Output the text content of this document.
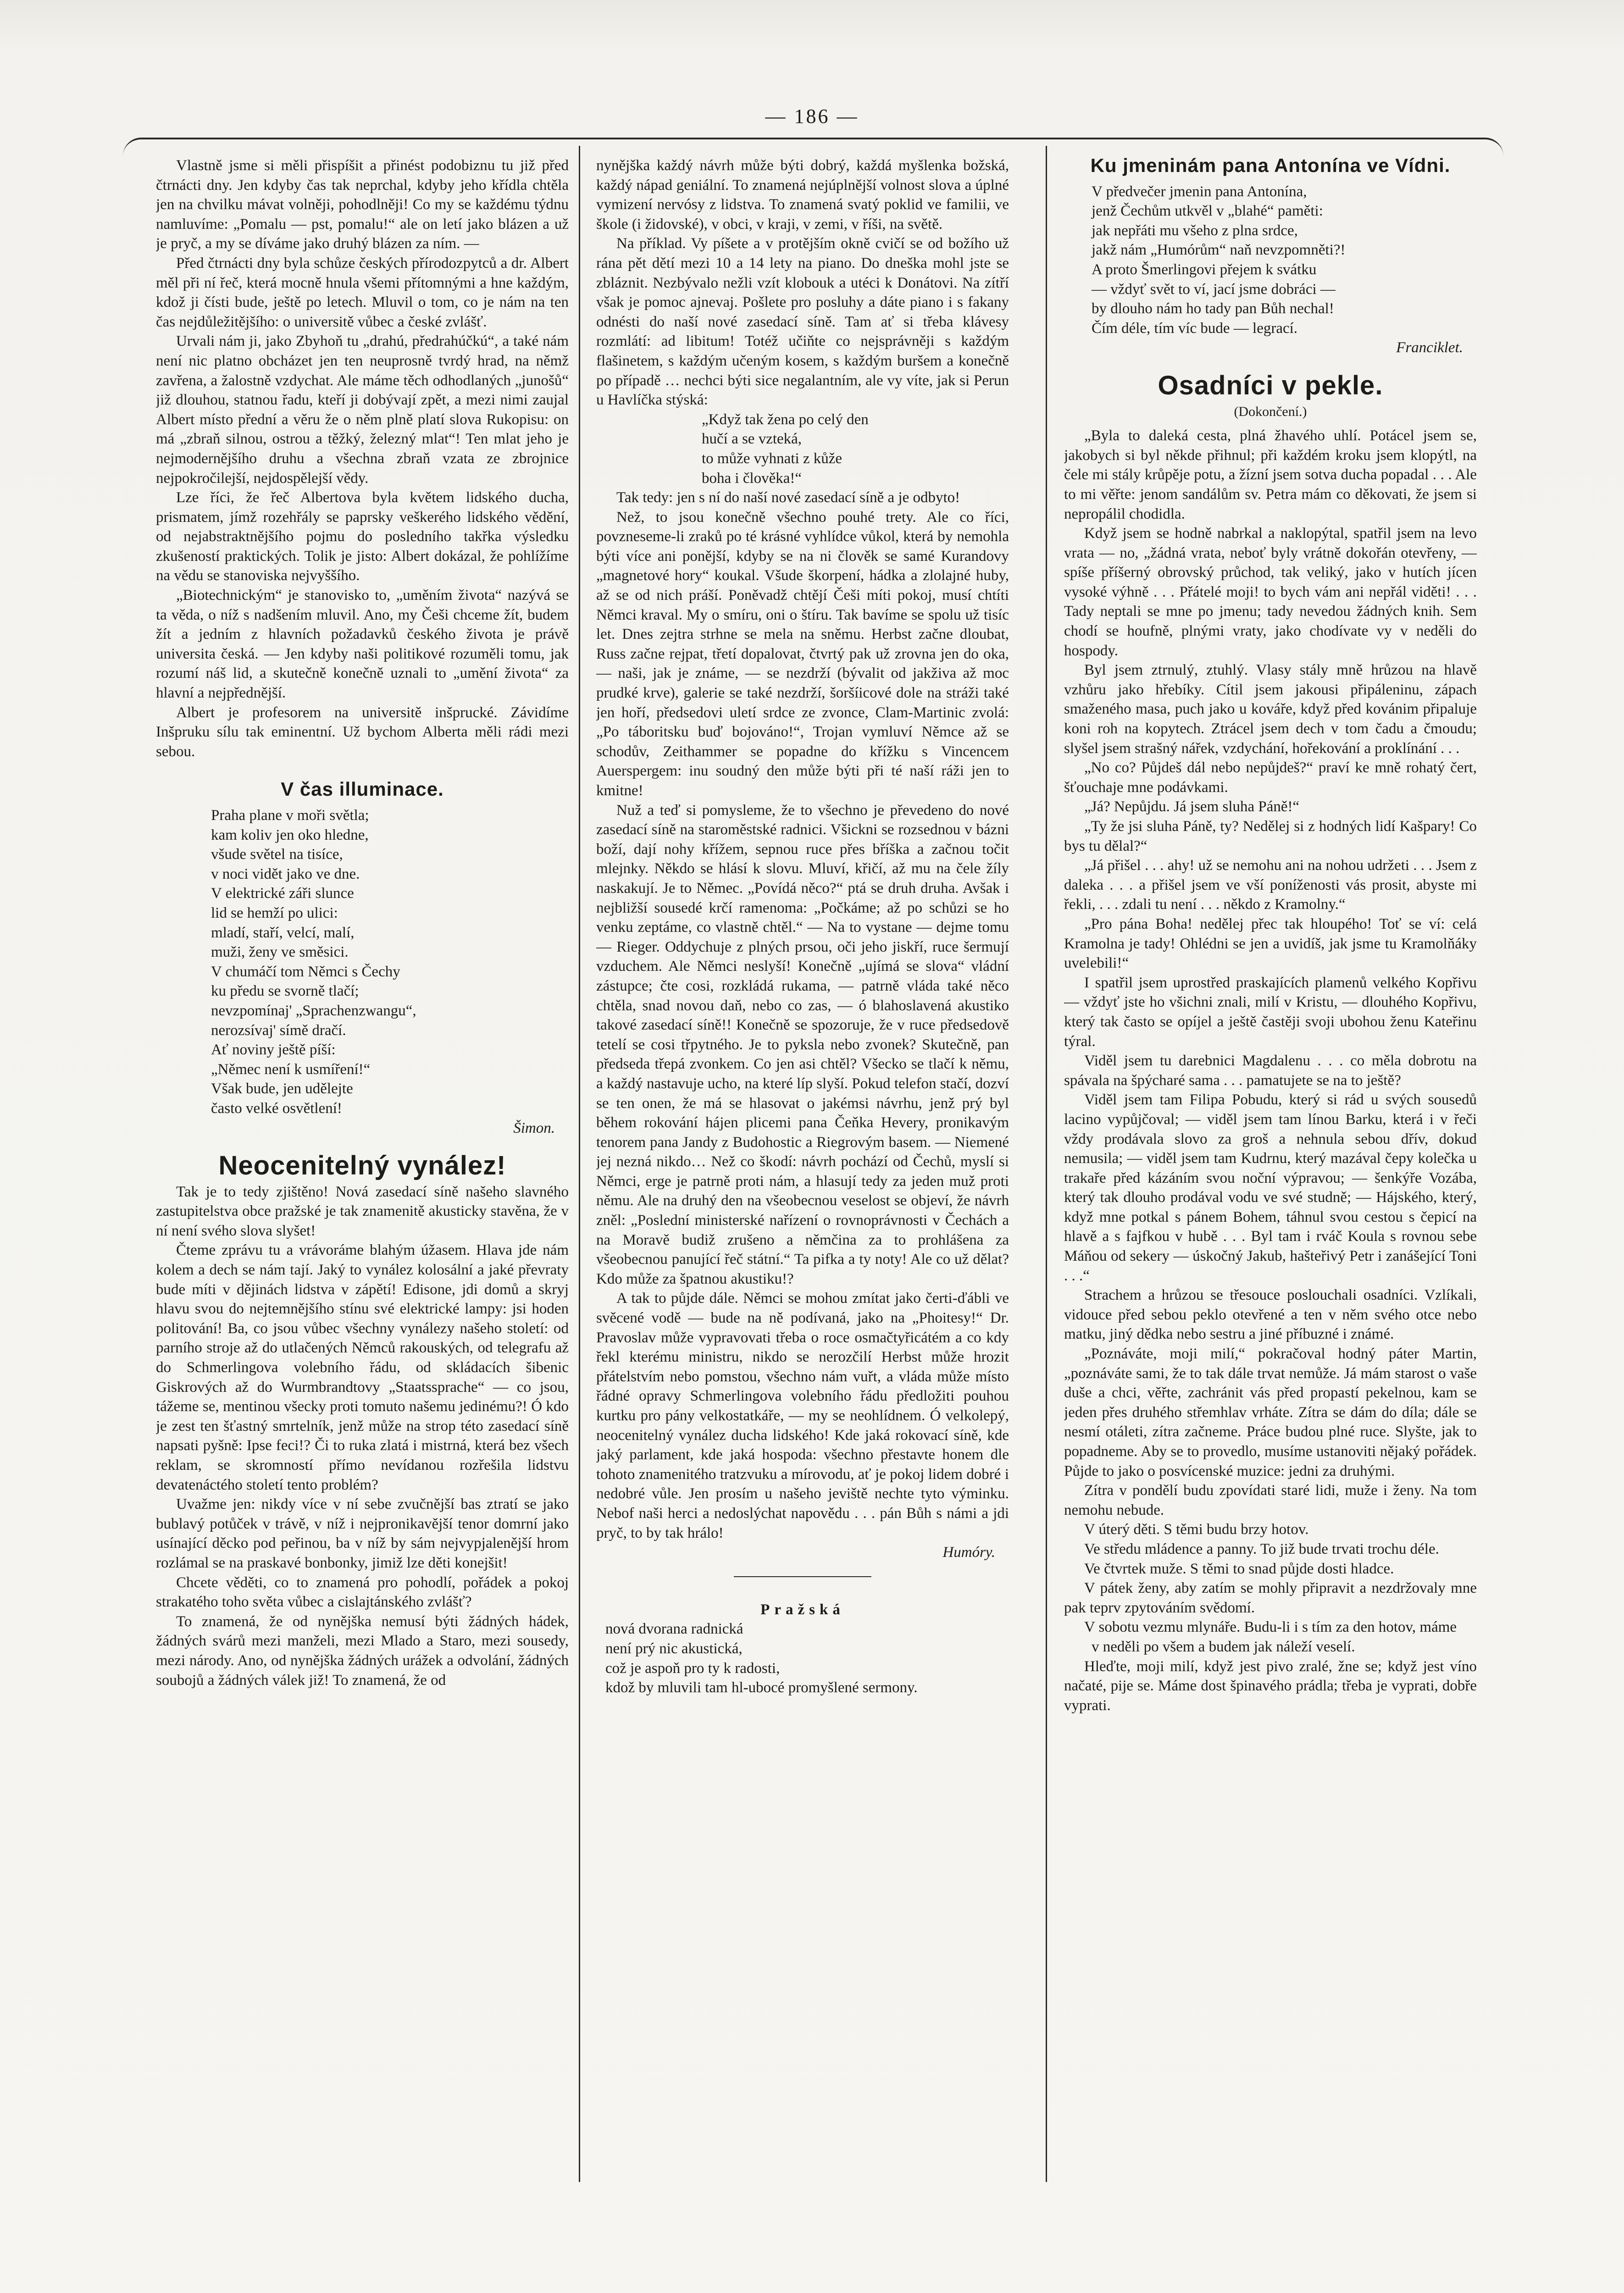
— 186 —

Vlastně jsme si měli přispíšit a přinést podobiznu tu již před čtrnácti dny. Jen kdyby čas tak neprchal, kdyby jeho křídla chtěla jen na chvilku mávat volněji, pohodlněji! Co my se každému týdnu namluvíme: „Pomalu — pst, pomalu!“ ale on letí jako blázen a už je pryč, a my se díváme jako druhý blázen za ním. —

Před čtrnácti dny byla schůze českých přírodozpytců a dr. Albert měl při ní řeč, která mocně hnula všemi přítomnými a hne každým, kdož ji čísti bude, ještě po letech. Mluvil o tom, co je nám na ten čas nejdůležitějšího: o universitě vůbec a české zvlášť.

Urvali nám ji, jako Zbyhoň tu „drahú, předrahúčkú“, a také nám není nic platno obcházet jen ten neuprosně tvrdý hrad, na němž zavřena, a žalostně vzdychat. Ale máme těch odhodlaných „junošů“ již dlouhou, statnou řadu, kteří ji dobývají zpět, a mezi nimi zaujal Albert místo přední a věru že o něm plně platí slova Rukopisu: on má „zbraň silnou, ostrou a těžký, železný mlat“! Ten mlat jeho je nejmodernějšího druhu a všechna zbraň vzata ze zbrojnice nejpokročilejší, nejdospělejší vědy.

Lze říci, že řeč Albertova byla květem lidského ducha, prismatem, jímž rozehřály se paprsky veškerého lidského vědění, od nejabstraktnějšího pojmu do posledního takřka výsledku zkušeností praktických. Tolik je jisto: Albert dokázal, že pohlížíme na vědu se stanoviska nejvyššího.

„Biotechnickým“ je stanovisko to, „uměním života“ nazývá se ta věda, o níž s nadšením mluvil. Ano, my Češi chceme žít, budem žít a jedním z hlavních požadavků českého života je právě universita česká. — Jen kdyby naši politikové rozuměli tomu, jak rozumí náš lid, a skutečně konečně uznali to „umění života“ za hlavní a nejpřednější.

Albert je profesorem na universitě inšprucké. Závidíme Inšpruku sílu tak eminentní. Už bychom Alberta měli rádi mezi sebou.

V čas illuminace.

Praha plane v moři světla;

kam koliv jen oko hledne,

všude světel na tisíce,

v noci vidět jako ve dne.

V elektrické záři slunce

lid se hemží po ulici:

mladí, staří, velcí, malí,

muži, ženy ve směsici.

V chumáčí tom Němci s Čechy

ku předu se svorně tlačí;

nevzpomínaj' „Sprachenzwangu“,

nerozsívaj' símě dračí.

Ať noviny ještě píší:

„Němec není k usmíření!“

Však bude, jen udělejte

často velké osvětlení!

Šimon.

Neocenitelný vynález!

Tak je to tedy zjištěno! Nová zasedací síně našeho slavného zastupitelstva obce pražské je tak znamenitě akusticky stavěna, že v ní není svého slova slyšet!

Čteme zprávu tu a vrávoráme blahým úžasem. Hlava jde nám kolem a dech se nám tají. Jaký to vynález kolosální a jaké převraty bude míti v dějinách lidstva v zápětí! Edisone, jdi domů a skryj hlavu svou do nejtemnějšího stínu své elektrické lampy: jsi hoden politování! Ba, co jsou vůbec všechny vynálezy našeho století: od parního stroje až do utlačených Němců rakouských, od telegrafu až do Schmerlingova volebního řádu, od skládacích šibenic Giskrových až do Wurmbrandtovy „Staatssprache“ — co jsou, tážeme se, mentinou všecky proti tomuto našemu jedinému?! Ó kdo je zest ten šťastný smrtelník, jenž může na strop této zasedací síně napsati pyšně: Ipse feci!? Či to ruka zlatá i mistrná, která bez všech reklam, se skromností přímo nevídanou rozřešila lidstvu devatenáctého století tento problém?

Uvažme jen: nikdy více v ní sebe zvučnější bas ztratí se jako bublavý potůček v trávě, v níž i nejpronikavější tenor domrní jako usínající děcko pod peřinou, ba v níž by sám nejvypjalenější hrom rozlámal se na praskavé bonbonky, jimiž lze děti konejšit!

Chcete věděti, co to znamená pro pohodlí, pořádek a pokoj strakatého toho světa vůbec a cislajtánského zvlášť?

To znamená, že od nynějška nemusí býti žádných hádek, žádných svárů mezi manželi, mezi Mlado a Staro, mezi sousedy, mezi národy. Ano, od nynějška žádných urážek a odvolání, žádných soubojů a žádných válek již! To znamená, že od

nynějška každý návrh může býti dobrý, každá myšlenka božská, každý nápad geniální. To znamená nejúplnější volnost slova a úplné vymizení nervósy z lidstva. To znamená svatý poklid ve familii, ve škole (i židovské), v obci, v kraji, v zemi, v říši, na světě.

Na příklad. Vy píšete a v protějším okně cvičí se od božího už rána pět dětí mezi 10 a 14 lety na piano. Do dneška mohl jste se zbláznit. Nezbývalo nežli vzít klobouk a utéci k Donátovi. Na zítří však je pomoc ajnevaj. Pošlete pro posluhy a dáte piano i s fakany odnésti do naší nové zasedací síně. Tam ať si třeba klávesy rozmlátí: ad libitum! Totéž učiňte co nejsprávněji s každým flašinetem, s každým učeným kosem, s každým buršem a konečně po případě … nechci býti sice negalantním, ale vy víte, jak si Perun u Havlíčka stýská:

„Když tak žena po celý den

hučí a se vzteká,

to může vyhnati z kůže

boha i člověka!“

Tak tedy: jen s ní do naší nové zasedací síně a je odbyto!

Než, to jsou konečně všechno pouhé trety. Ale co říci, povzneseme-li zraků po té krásné vyhlídce vůkol, která by nemohla býti více ani ponější, kdyby se na ni člověk se samé Kurandovy „magnetové hory“ koukal. Všude škorpení, hádka a zlolajné huby, až se od nich práší. Poněvadž chtějí Češi míti pokoj, musí chtíti Němci kraval. My o smíru, oni o štíru. Tak bavíme se spolu už tisíc let. Dnes zejtra strhne se mela na sněmu. Herbst začne dloubat, Russ začne rejpat, třetí dopalovat, čtvrtý pak už zrovna jen do oka, — naši, jak je známe, — se nezdrží (bývalit od jakživa až moc prudké krve), galerie se také nezdrží, šoršíicové dole na stráži také jen hoří, předsedovi uletí srdce ze zvonce, Clam-Martinic zvolá: „Po táboritsku buď bojováno!“, Trojan vymluví Němce až se schodův, Zeithammer se popadne do křížku s Vincencem Auerspergem: inu soudný den může býti při té naší ráži jen to kmitne!

Nuž a teď si pomysleme, že to všechno je převedeno do nové zasedací síně na staroměstské radnici. Všickni se rozsednou v bázni boží, dají nohy křížem, sepnou ruce přes bříška a začnou točit mlejnky. Někdo se hlásí k slovu. Mluví, křičí, až mu na čele žíly naskakují. Je to Němec. „Povídá něco?“ ptá se druh druha. Avšak i nejbližší sousedé krčí ramenoma: „Počkáme; až po schůzi se ho venku zeptáme, co vlastně chtěl.“ — Na to vystane — dejme tomu — Rieger. Oddychuje z plných prsou, oči jeho jiskří, ruce šermují vzduchem. Ale Němci neslyší! Konečně „ujímá se slova“ vládní zástupce; čte cosi, rozkládá rukama, — patrně vláda také něco chtěla, snad novou daň, nebo co zas, — ó blahoslavená akustiko takové zasedací síně!! Konečně se spozoruje, že v ruce předsedově tetelí se cosi třpytného. Je to pyksla nebo zvonek? Skutečně, pan předseda třepá zvonkem. Co jen asi chtěl? Všecko se tlačí k němu, a každý nastavuje ucho, na které líp slyší. Pokud telefon stačí, dozví se ten onen, že má se hlasovat o jakémsi návrhu, jenž prý byl během rokování hájen plicemi pana Čeňka Hevery, pronikavým tenorem pana Jandy z Budohostic a Riegrovým basem. — Niemené jej nezná nikdo… Než co škodí: návrh pochází od Čechů, myslí si Němci, erge je patrně proti nám, a hlasují tedy za jeden muž proti němu. Ale na druhý den na všeobecnou veselost se objeví, že návrh zněl: „Poslední ministerské nařízení o rovnoprávnosti v Čechách a na Moravě budiž zrušeno a němčina za to prohlášena za všeobecnou panující řeč státní.“ Ta pifka a ty noty! Ale co už dělat? Kdo může za špatnou akustiku!?

A tak to půjde dále. Němci se mohou zmítat jako čerti-ďábli ve svěcené vodě — bude na ně podívaná, jako na „Phoitesy!“ Dr. Pravoslav může vypravovati třeba o roce osmačtyřicátém a co kdy řekl kterému ministru, nikdo se nerozčilí Herbst může hrozit přátelstvím nebo pomstou, všechno nám vuřt, a vláda může místo řádné opravy Schmerlingova volebního řádu předložiti pouhou kurtku pro pány velkostatkáře, — my se neohlídnem. Ó velkolepý, neocenitelný vynález ducha lidského! Kde jaká rokovací síně, kde jaký parlament, kde jaká hospoda: všechno přestavte honem dle tohoto znamenitého tratzvuku a mírovodu, ať je pokoj lidem dobré i nedobré vůle. Jen prosím u našeho jeviště nechte tyto výminku. Nebof naši herci a nedoslýchat napovědu . . . pán Bůh s námi a jdi pryč, to by tak hrálo!

Humóry.

Pražská

nová dvorana radnická

není prý nic akustická,

což je aspoň pro ty k radosti,

kdož by mluvili tam hl-ubocé promyšlené sermony.

Ku jmeninám pana Antonína ve Vídni.

V předvečer jmenin pana Antonína,

jenž Čechům utkvěl v „blahé“ paměti:

jak nepřáti mu všeho z plna srdce,

jakž nám „Humórům“ naň nevzpomněti?!

A proto Šmerlingovi přejem k svátku

— vždyť svět to ví, jací jsme dobráci —

by dlouho nám ho tady pan Bůh nechal!

Čím déle, tím víc bude — legrací.

Franciklet.

Osadníci v pekle.

(Dokončení.)

„Byla to daleká cesta, plná žhavého uhlí. Potácel jsem se, jakobych si byl někde přihnul; při každém kroku jsem klopýtl, na čele mi stály krůpěje potu, a žízní jsem sotva ducha popadal . . . Ale to mi věřte: jenom sandálům sv. Petra mám co děkovati, že jsem si nepropálil chodidla.

Když jsem se hodně nabrkal a naklopýtal, spatřil jsem na levo vrata — no, „žádná vrata, neboť byly vrátně dokořán otevřeny, — spíše příšerný obrovský průchod, tak veliký, jako v hutích jícen vysoké výhně . . . Přátelé moji! to bych vám ani nepřál viděti! . . . Tady neptali se mne po jmenu; tady nevedou žádných knih. Sem chodí se houfně, plnými vraty, jako chodívate vy v neděli do hospody.

Byl jsem ztrnulý, ztuhlý. Vlasy stály mně hrůzou na hlavě vzhůru jako hřebíky. Cítil jsem jakousi připáleninu, zápach smaženého masa, puch jako u kováře, když před kovánim připaluje koni roh na kopytech. Ztrácel jsem dech v tom čadu a čmoudu; slyšel jsem strašný nářek, vzdychání, hořekování a proklínání . . .

„No co? Půjdeš dál nebo nepůjdeš?“ praví ke mně rohatý čert, šťouchaje mne podávkami.

„Já? Nepůjdu. Já jsem sluha Páně!“

„Ty že jsi sluha Páně, ty? Nedělej si z hodných lidí Kašpary! Co bys tu dělal?“

„Já přišel . . . ahy! už se nemohu ani na nohou udržeti . . . Jsem z daleka . . . a přišel jsem ve vší poníženosti vás prosit, abyste mi řekli, . . . zdali tu není . . . někdo z Kramolny.“

„Pro pána Boha! nedělej přec tak hloupého! Toť se ví: celá Kramolna je tady! Ohlédni se jen a uvidíš, jak jsme tu Kramolňáky uvelebili!“

I spatřil jsem uprostřed praskajících plamenů velkého Kopřivu — vždyť jste ho všichni znali, milí v Kristu, — dlouhého Kopřivu, který tak často se opíjel a ještě častěji svoji ubohou ženu Kateřinu týral.

Viděl jsem tu darebnici Magdalenu . . . co měla dobrotu na spávala na špýcharé sama . . . pamatujete se na to ještě?

Viděl jsem tam Filipa Pobudu, který si rád u svých sousedů lacino vypůjčoval; — viděl jsem tam línou Barku, která i v řeči vždy prodávala slovo za groš a nehnula sebou dřív, dokud nemusila; — viděl jsem tam Kudrnu, který mazával čepy kolečka u trakaře před kázáním svou noční výpravou; — šenkýře Vozába, který tak dlouho prodával vodu ve své studně; — Hájského, který, když mne potkal s pánem Bohem, táhnul svou cestou s čepicí na hlavě a s fajfkou v hubě . . . Byl tam i rváč Koula s rovnou sebe Máňou od sekery — úskočný Jakub, hašteřivý Petr i zanášející Toni . . .“

Strachem a hrůzou se třesouce poslouchali osadníci. Vzlíkali, vidouce před sebou peklo otevřené a ten v něm svého otce nebo matku, jiný dědka nebo sestru a jiné příbuzné i známé.

„Poznáváte, moji milí,“ pokračoval hodný páter Martin, „poznáváte sami, že to tak dále trvat nemůže. Já mám starost o vaše duše a chci, věřte, zachránit vás před propastí pekelnou, kam se jeden přes druhého střemhlav vrháte. Zítra se dám do díla; dále se nesmí otáleti, zítra začneme. Práce budou plné ruce. Slyšte, jak to popadneme. Aby se to provedlo, musíme ustanoviti nějaký pořádek. Půjde to jako o posvícenské muzice: jedni za druhými.

Zítra v pondělí budu zpovídati staré lidi, muže i ženy. Na tom nemohu nebude.

V úterý děti. S těmi budu brzy hotov.

Ve středu mládence a panny. To již bude trvati trochu déle.

Ve čtvrtek muže. S těmi to snad půjde dosti hladce.

V pátek ženy, aby zatím se mohly připravit a nezdržovaly mne pak teprv zpytováním svědomí.

V sobotu vezmu mlynáře. Budu-li i s tím za den hotov, máme

v neděli po všem a budem jak náleží veselí.

Hleďte, moji milí, když jest pivo zralé, žne se; když jest víno načaté, pije se. Máme dost špinavého prádla; třeba je vyprati, dobře vyprati.
